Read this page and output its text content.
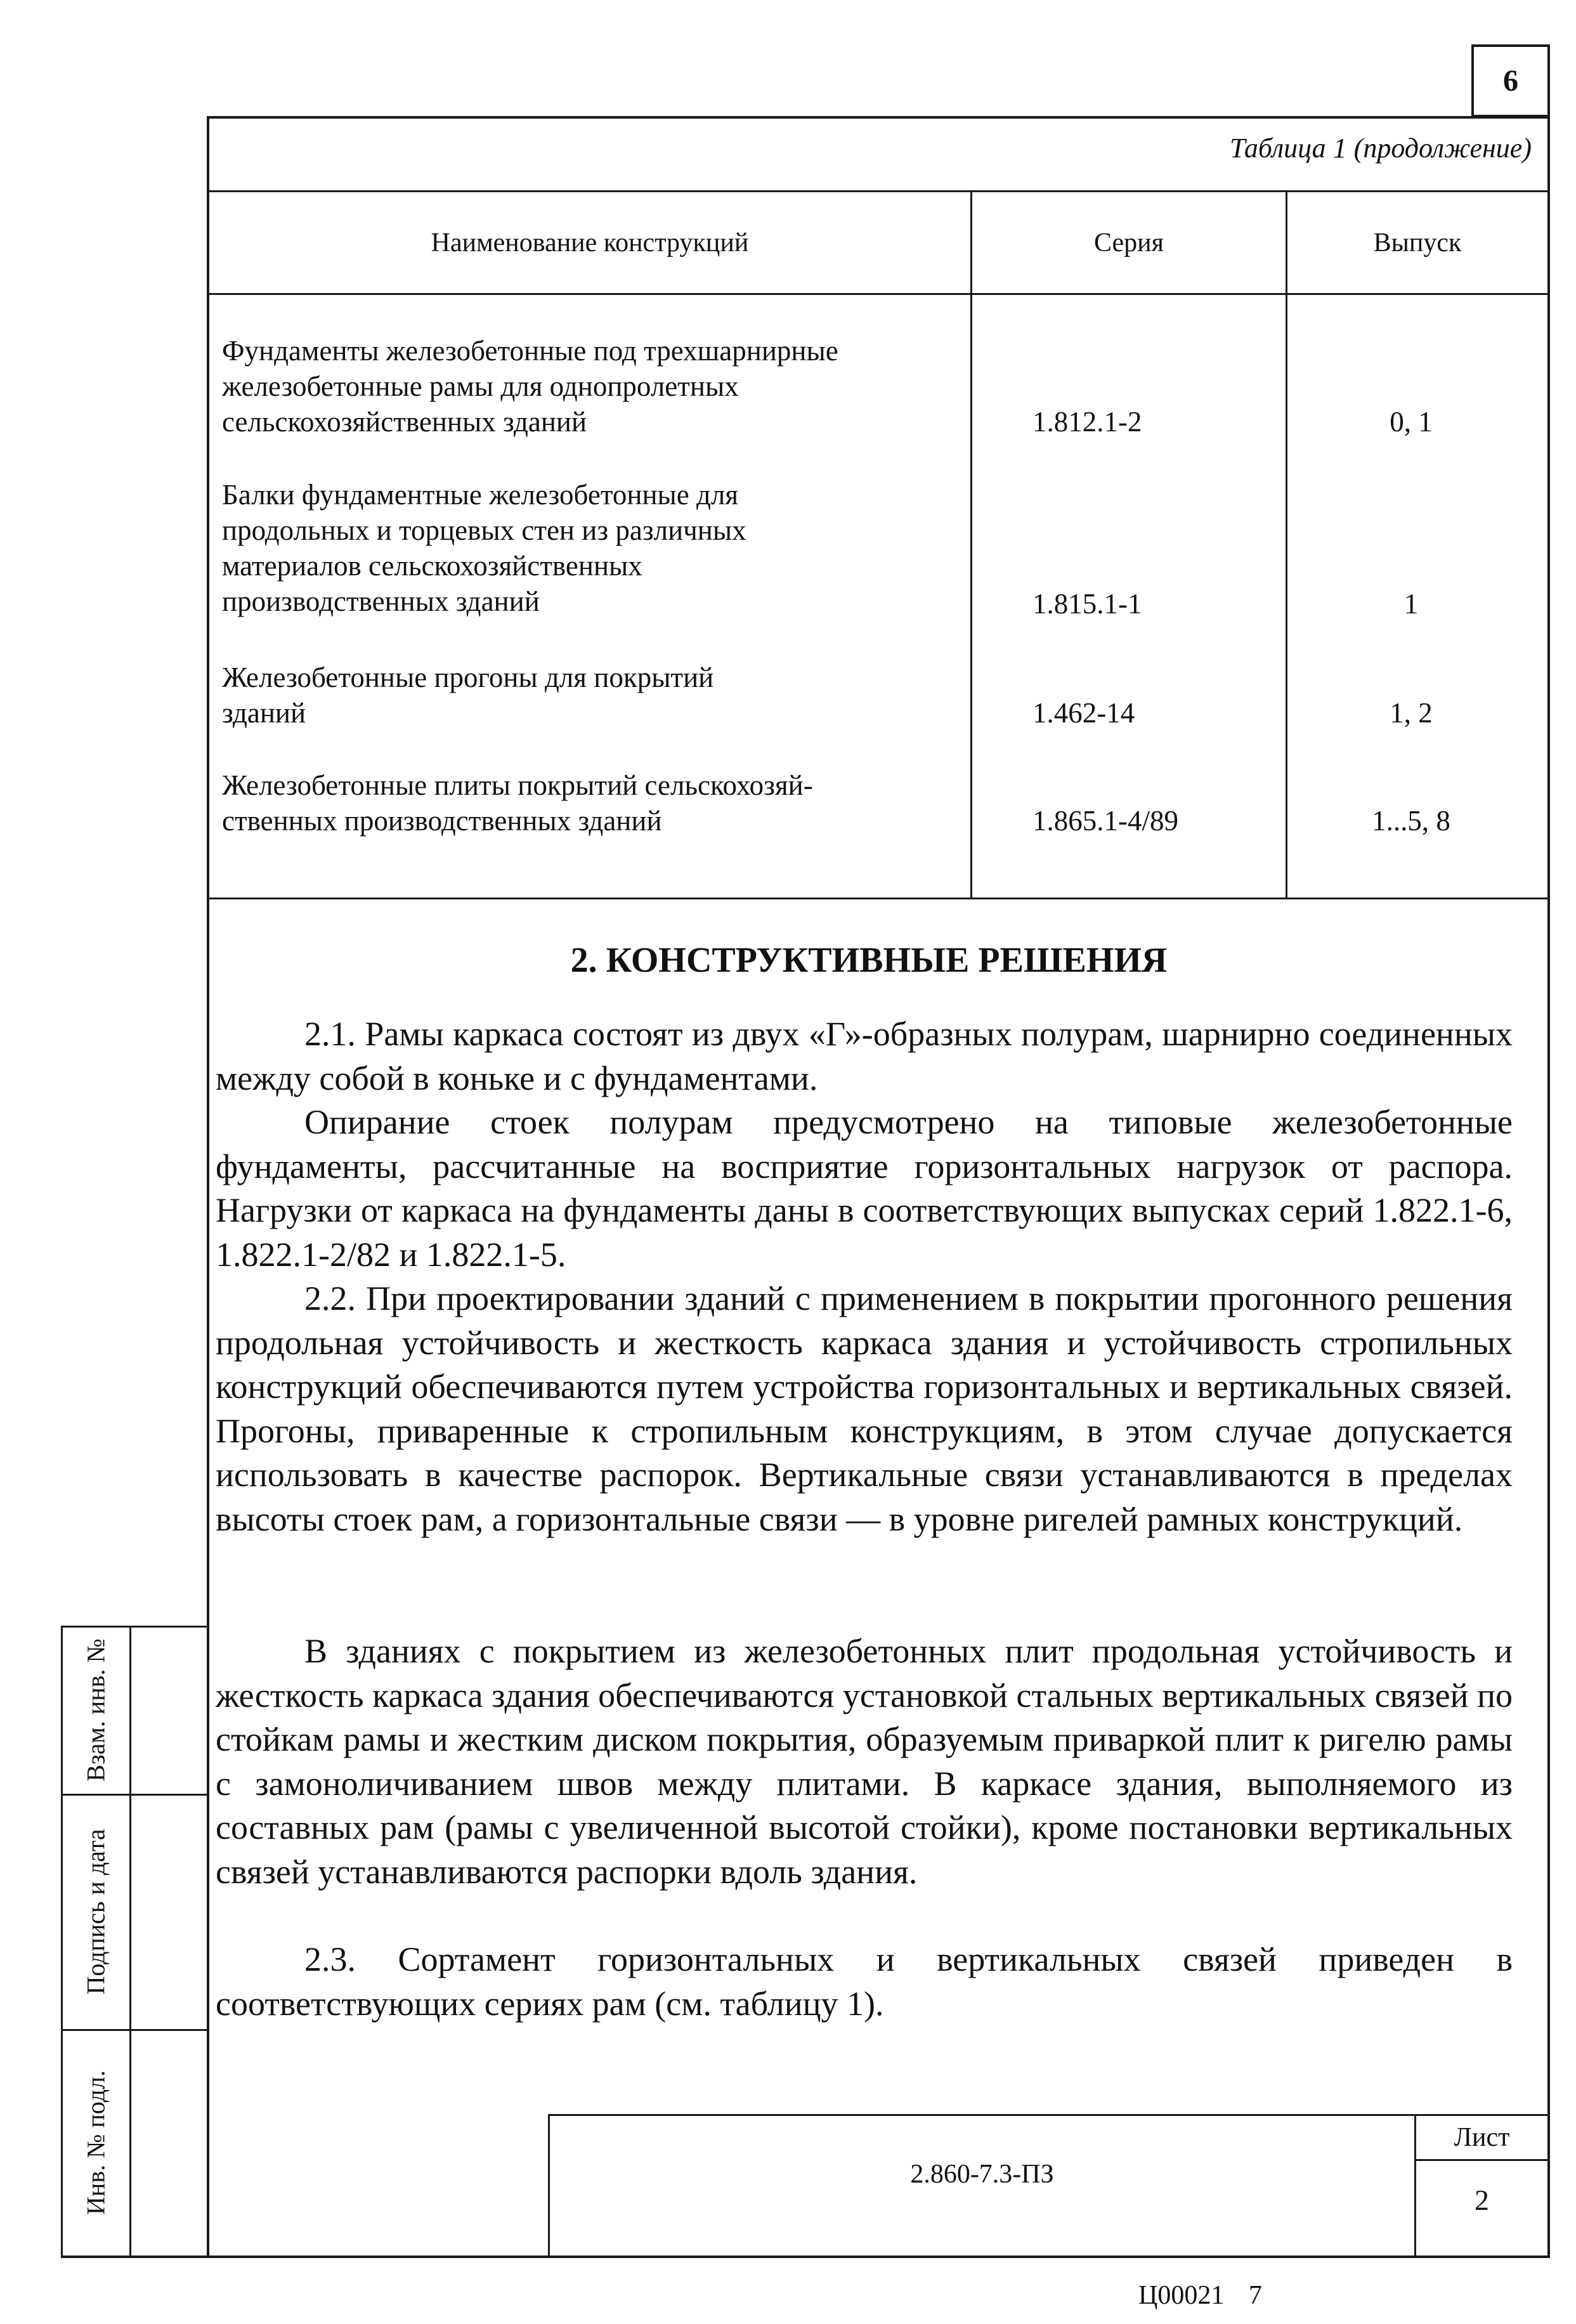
6
Таблица 1 (продолжение)
Наименование конструкций	Серия	Выпуск
Фундаменты железобетонные под трехшарнирные
железобетонные рамы для однопролетных
сельскохозяйственных зданий	1.812.1-2	0, 1
Балки фундаментные железобетонные для
продольных и торцевых стен из различных
материалов сельскохозяйственных
производственных зданий	1.815.1-1	1
Железобетонные прогоны для покрытий
зданий	1.462-14	1, 2
Железобетонные плиты покрытий сельскохозяй-
ственных производственных зданий	1.865.1-4/89	1...5, 8
2. КОНСТРУКТИВНЫЕ РЕШЕНИЯ

2.1. Рамы каркаса состоят из двух «Г»-образных полурам, шарнирно соединенных между собой в коньке и с фундаментами.

Опирание стоек полурам предусмотрено на типовые железобетонные фундаменты, рассчитанные на восприятие горизонтальных нагрузок от распора. Нагрузки от каркаса на фундаменты даны в соответствующих выпусках серий 1.822.1-6, 1.822.1-2/82 и 1.822.1-5.

2.2. При проектировании зданий с применением в покрытии прогонного решения продольная устойчивость и жесткость каркаса здания и устойчивость стропильных конструкций обеспечиваются путем устройства горизонтальных и вертикальных связей. Прогоны, приваренные к стропильным конструкциям, в этом случае допускается использовать в качестве распорок. Вертикальные связи устанавливаются в пределах высоты стоек рам, а горизонтальные связи — в уровне ригелей рамных конструкций.

В зданиях с покрытием из железобетонных плит продольная устойчивость и жесткость каркаса здания обеспечиваются установкой стальных вертикальных связей по стойкам рамы и жестким диском покрытия, образуемым приваркой плит к ригелю рамы с замоноличиванием швов между плитами. В каркасе здания, выполняемого из составных рам (рамы с увеличенной высотой стойки), кроме постановки вертикальных связей устанавливаются распорки вдоль здания.

2.3. Сортамент горизонтальных и вертикальных связей приведен в соответствующих сериях рам (см. таблицу 1).

Взам. инв. №
Подпись и дата
Инв. № подл.	2.860-7.3-ПЗ
Лист
2
Ц00021 7
